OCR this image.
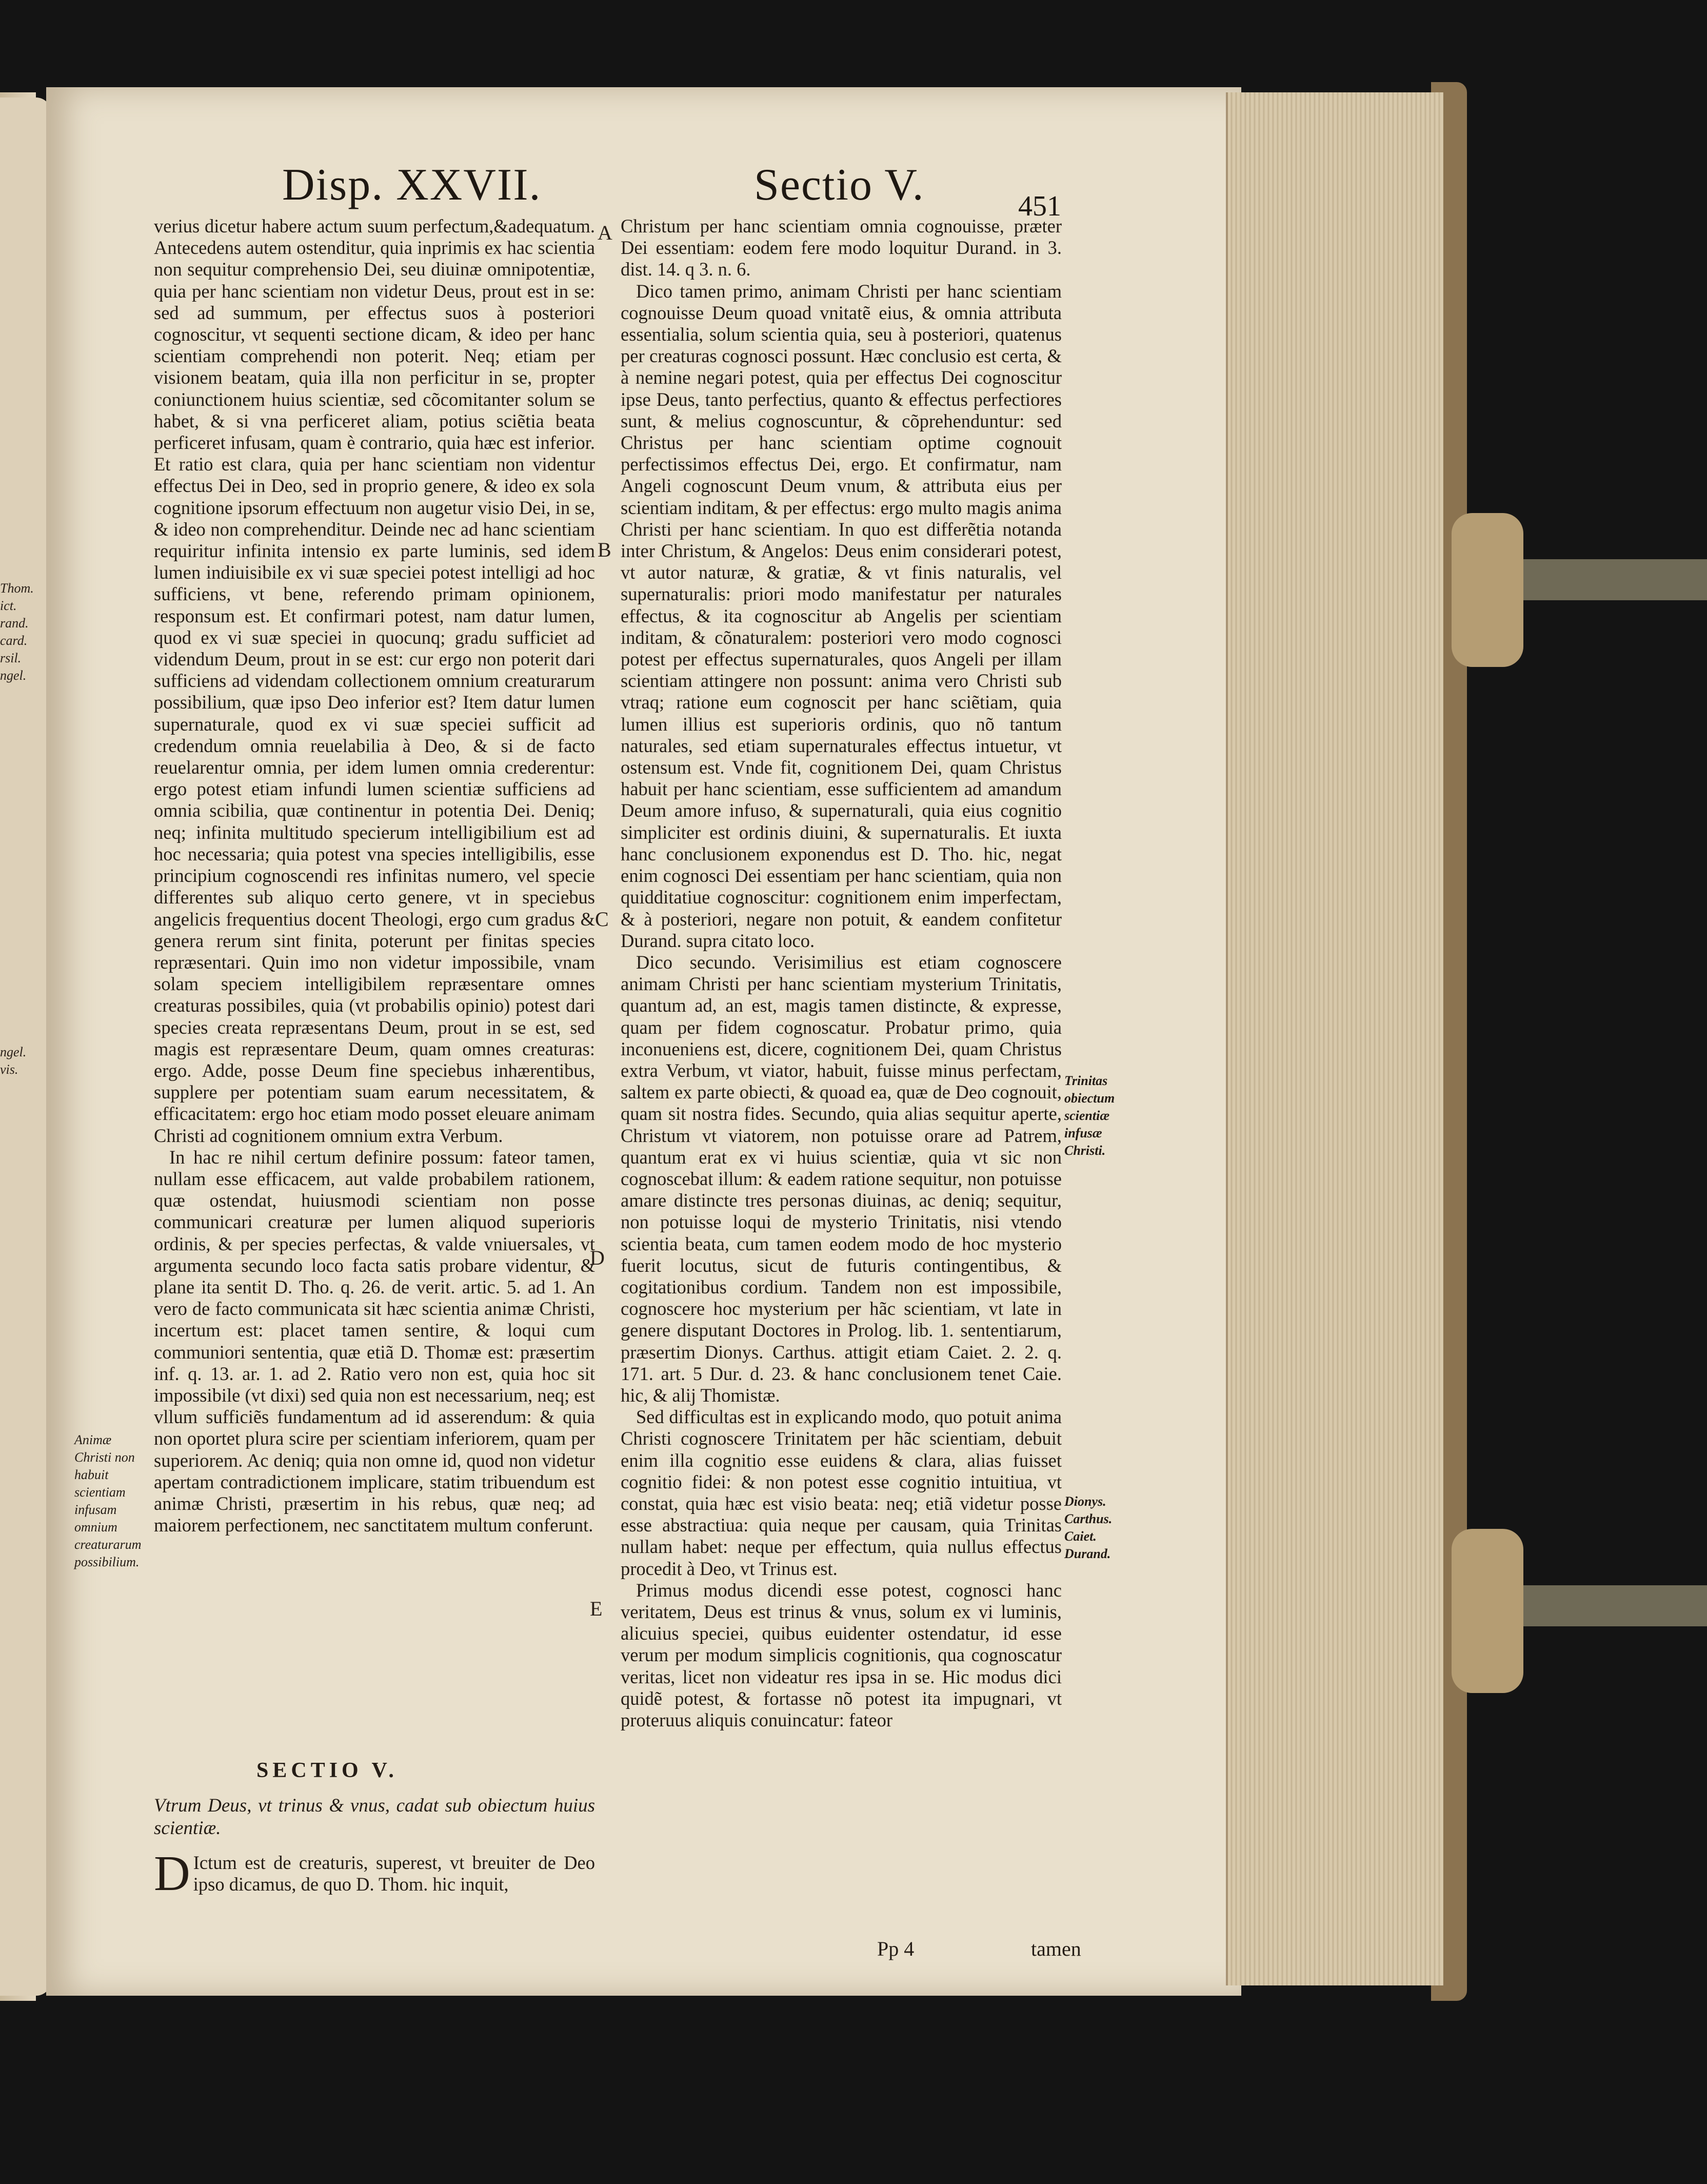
Thom. ict. rand. card. rsil. ngel.
ngel. vis.
Disp. XXVII.	Sectio V.	451

verius dicetur habere actum suum perfectum,&adequatum. Antecedens autem ostenditur, quia inprimis ex hac scientia non sequitur comprehensio Dei, seu diuinæ omnipotentiæ, quia per hanc scientiam non videtur Deus, prout est in se: sed ad summum, per effectus suos à posteriori cognoscitur, vt sequenti sectione dicam, & ideo per hanc scientiam comprehendi non poterit. Neq; etiam per visionem beatam, quia illa non perficitur in se, propter coniunctionem huius scientiæ, sed cõcomitanter solum se habet, & si vna perficeret aliam, potius sciẽtia beata perficeret infusam, quam è contrario, quia hæc est inferior. Et ratio est clara, quia per hanc scientiam non videntur effectus Dei in Deo, sed in proprio genere, & ideo ex sola cognitione ipsorum effectuum non augetur visio Dei, in se, & ideo non comprehenditur. Deinde nec ad hanc scientiam requiritur infinita intensio ex parte luminis, sed idem lumen indiuisibile ex vi suæ speciei potest intelligi ad hoc sufficiens, vt bene, referendo primam opinionem, responsum est. Et confirmari potest, nam datur lumen, quod ex vi suæ speciei in quocunq; gradu sufficiet ad videndum Deum, prout in se est: cur ergo non poterit dari sufficiens ad videndam collectionem omnium creaturarum possibilium, quæ ipso Deo inferior est? Item datur lumen supernaturale, quod ex vi suæ speciei sufficit ad credendum omnia reuelabilia à Deo, & si de facto reuelarentur omnia, per idem lumen omnia crederentur: ergo potest etiam infundi lumen scientiæ sufficiens ad omnia scibilia, quæ continentur in potentia Dei. Deniq; neq; infinita multitudo specierum intelligibilium est ad hoc necessaria; quia potest vna species intelligibilis, esse principium cognoscendi res infinitas numero, vel specie differentes sub aliquo certo genere, vt in speciebus angelicis frequentius docent Theologi, ergo cum gradus & genera rerum sint finita, poterunt per finitas species repræsentari. Quin imo non videtur impossibile, vnam solam speciem intelligibilem repræsentare omnes creaturas possibiles, quia (vt probabilis opinio) potest dari species creata repræsentans Deum, prout in se est, sed magis est repræsentare Deum, quam omnes creaturas: ergo. Adde, posse Deum fine speciebus inhærentibus, supplere per potentiam suam earum necessitatem, & efficacitatem: ergo hoc etiam modo posset eleuare animam Christi ad cognitionem omnium extra Verbum.

In hac re nihil certum definire possum: fateor tamen, nullam esse efficacem, aut valde probabilem rationem, quæ ostendat, huiusmodi scientiam non posse communicari creaturæ per lumen aliquod superioris ordinis, & per species perfectas, & valde vniuersales, vt argumenta secundo loco facta satis probare videntur, & plane ita sentit D. Tho. q. 26. de verit. artic. 5. ad 1. An vero de facto communicata sit hæc scientia animæ Christi, incertum est: placet tamen sentire, & loqui cum communiori sententia, quæ etiã D. Thomæ est: præsertim inf. q. 13. ar. 1. ad 2. Ratio vero non est, quia hoc sit impossibile (vt dixi) sed quia non est necessarium, neq; est vllum sufficiẽs fundamentum ad id asserendum: & quia non oportet plura scire per scientiam inferiorem, quam per superiorem. Ac deniq; quia non omne id, quod non videtur apertam contradictionem implicare, statim tribuendum est animæ Christi, præsertim in his rebus, quæ neq; ad maiorem perfectionem, nec sanctitatem multum conferunt.

SECTIO V.
Vtrum Deus, vt trinus & vnus, cadat sub obiectum huius scientiæ.

D Ictum est de creaturis, superest, vt breuiter de Deo ipso dicamus, de quo D. Thom. hic inquit,

Christum per hanc scientiam omnia cognouisse, præter Dei essentiam: eodem fere modo loquitur Durand. in 3. dist. 14. q 3. n. 6.

Dico tamen primo, animam Christi per hanc scientiam cognouisse Deum quoad vnitatẽ eius, & omnia attributa essentialia, solum scientia quia, seu à posteriori, quatenus per creaturas cognosci possunt. Hæc conclusio est certa, & à nemine negari potest, quia per effectus Dei cognoscitur ipse Deus, tanto perfectius, quanto & effectus perfectiores sunt, & melius cognoscuntur, & cõprehenduntur: sed Christus per hanc scientiam optime cognouit perfectissimos effectus Dei, ergo. Et confirmatur, nam Angeli cognoscunt Deum vnum, & attributa eius per scientiam inditam, & per effectus: ergo multo magis anima Christi per hanc scientiam. In quo est differẽtia notanda inter Christum, & Angelos: Deus enim considerari potest, vt autor naturæ, & gratiæ, & vt finis naturalis, vel supernaturalis: priori modo manifestatur per naturales effectus, & ita cognoscitur ab Angelis per scientiam inditam, & cõnaturalem: posteriori vero modo cognosci potest per effectus supernaturales, quos Angeli per illam scientiam attingere non possunt: anima vero Christi sub vtraq; ratione eum cognoscit per hanc sciẽtiam, quia lumen illius est superioris ordinis, quo nõ tantum naturales, sed etiam supernaturales effectus intuetur, vt ostensum est. Vnde fit, cognitionem Dei, quam Christus habuit per hanc scientiam, esse sufficientem ad amandum Deum amore infuso, & supernaturali, quia eius cognitio simpliciter est ordinis diuini, & supernaturalis. Et iuxta hanc conclusionem exponendus est D. Tho. hic, negat enim cognosci Dei essentiam per hanc scientiam, quia non quidditatiue cognoscitur: cognitionem enim imperfectam, & à posteriori, negare non potuit, & eandem confitetur Durand. supra citato loco.

Dico secundo. Verisimilius est etiam cognoscere animam Christi per hanc scientiam mysterium Trinitatis, quantum ad, an est, magis tamen distincte, & expresse, quam per fidem cognoscatur. Probatur primo, quia inconueniens est, dicere, cognitionem Dei, quam Christus extra Verbum, vt viator, habuit, fuisse minus perfectam, saltem ex parte obiecti, & quoad ea, quæ de Deo cognouit, quam sit nostra fides. Secundo, quia alias sequitur aperte, Christum vt viatorem, non potuisse orare ad Patrem, quantum erat ex vi huius scientiæ, quia vt sic non cognoscebat illum: & eadem ratione sequitur, non potuisse amare distincte tres personas diuinas, ac deniq; sequitur, non potuisse loqui de mysterio Trinitatis, nisi vtendo scientia beata, cum tamen eodem modo de hoc mysterio fuerit locutus, sicut de futuris contingentibus, & cogitationibus cordium. Tandem non est impossibile, cognoscere hoc mysterium per hãc scientiam, vt late in genere disputant Doctores in Prolog. lib. 1. sententiarum, præsertim Dionys. Carthus. attigit etiam Caiet. 2. 2. q. 171. art. 5 Dur. d. 23. & hanc conclusionem tenet Caie. hic, & alij Thomistæ.

Sed difficultas est in explicando modo, quo potuit anima Christi cognoscere Trinitatem per hãc scientiam, debuit enim illa cognitio esse euidens & clara, alias fuisset cognitio fidei: & non potest esse cognitio intuitiua, vt constat, quia hæc est visio beata: neq; etiã videtur posse esse abstractiua: quia neque per causam, quia Trinitas nullam habet: neque per effectum, quia nullus effectus procedit à Deo, vt Trinus est.

Primus modus dicendi esse potest, cognosci hanc veritatem, Deus est trinus & vnus, solum ex vi luminis, alicuius speciei, quibus euidenter ostendatur, id esse verum per modum simplicis cognitionis, qua cognoscatur veritas, licet non videatur res ipsa in se. Hic modus dici quidẽ potest, & fortasse nõ potest ita impugnari, vt proteruus aliquis conuincatur: fateor

A
B
C
D
E
Animæ Christi non habuit scientiam infusam omnium creaturarum possibilium.
Trinitas obiectum scientiæ infusæ Christi.
Dionys. Carthus. Caiet. Durand.
Pp 4	tamen
